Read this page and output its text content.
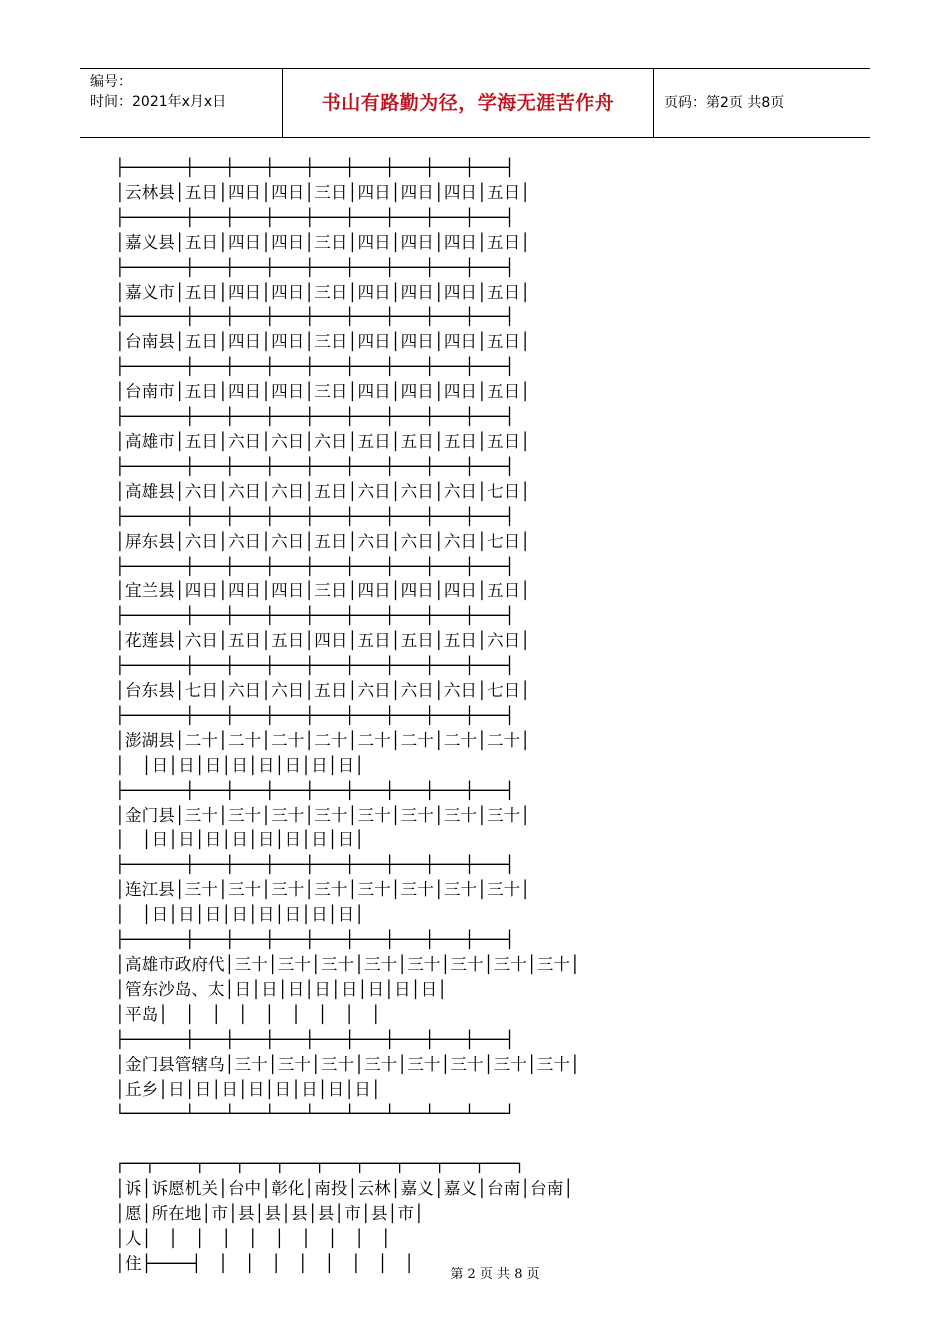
编号：
时间：2021年x月x日	书山有路勤为径，学海无涯苦作舟	页码：第2页 共8页
├──────┼───┼───┼───┼───┼───┼───┼───┼───┤
│云林县│五日│四日│四日│三日│四日│四日│四日│五日│
├──────┼───┼───┼───┼───┼───┼───┼───┼───┤
│嘉义县│五日│四日│四日│三日│四日│四日│四日│五日│
├──────┼───┼───┼───┼───┼───┼───┼───┼───┤
│嘉义市│五日│四日│四日│三日│四日│四日│四日│五日│
├──────┼───┼───┼───┼───┼───┼───┼───┼───┤
│台南县│五日│四日│四日│三日│四日│四日│四日│五日│
├──────┼───┼───┼───┼───┼───┼───┼───┼───┤
│台南市│五日│四日│四日│三日│四日│四日│四日│五日│
├──────┼───┼───┼───┼───┼───┼───┼───┼───┤
│高雄市│五日│六日│六日│六日│五日│五日│五日│五日│
├──────┼───┼───┼───┼───┼───┼───┼───┼───┤
│高雄县│六日│六日│六日│五日│六日│六日│六日│七日│
├──────┼───┼───┼───┼───┼───┼───┼───┼───┤
│屏东县│六日│六日│六日│五日│六日│六日│六日│七日│
├──────┼───┼───┼───┼───┼───┼───┼───┼───┤
│宜兰县│四日│四日│四日│三日│四日│四日│四日│五日│
├──────┼───┼───┼───┼───┼───┼───┼───┼───┤
│花莲县│六日│五日│五日│四日│五日│五日│五日│六日│
├──────┼───┼───┼───┼───┼───┼───┼───┼───┤
│台东县│七日│六日│六日│五日│六日│六日│六日│七日│
├──────┼───┼───┼───┼───┼───┼───┼───┼───┤
│澎湖县│二十│二十│二十│二十│二十│二十│二十│二十│
│　│日│日│日│日│日│日│日│日│
├──────┼───┼───┼───┼───┼───┼───┼───┼───┤
│金门县│三十│三十│三十│三十│三十│三十│三十│三十│
│　│日│日│日│日│日│日│日│日│
├──────┼───┼───┼───┼───┼───┼───┼───┼───┤
│连江县│三十│三十│三十│三十│三十│三十│三十│三十│
│　│日│日│日│日│日│日│日│日│
├──────┼───┼───┼───┼───┼───┼───┼───┼───┤
│高雄市政府代│三十│三十│三十│三十│三十│三十│三十│三十│
│管东沙岛、太│日│日│日│日│日│日│日│日│
│平岛│　│　│　│　│　│　│　│　│
├──────┼───┼───┼───┼───┼───┼───┼───┼───┤
│金门县管辖乌│三十│三十│三十│三十│三十│三十│三十│三十│
│丘乡│日│日│日│日│日│日│日│日│
└──────┴───┴───┴───┴───┴───┴───┴───┴───┘

┌──┬────┬───┬───┬───┬───┬───┬───┬───┬───┐
│诉│诉愿机关│台中│彰化│南投│云林│嘉义│嘉义│台南│台南│
│愿│所在地│市│县│县│县│县│市│县│市│
│人│　│　│　│　│　│　│　│　│　│
│住├────┤　│　│　│　│　│　│　│　│
第 2 页 共 8 页
